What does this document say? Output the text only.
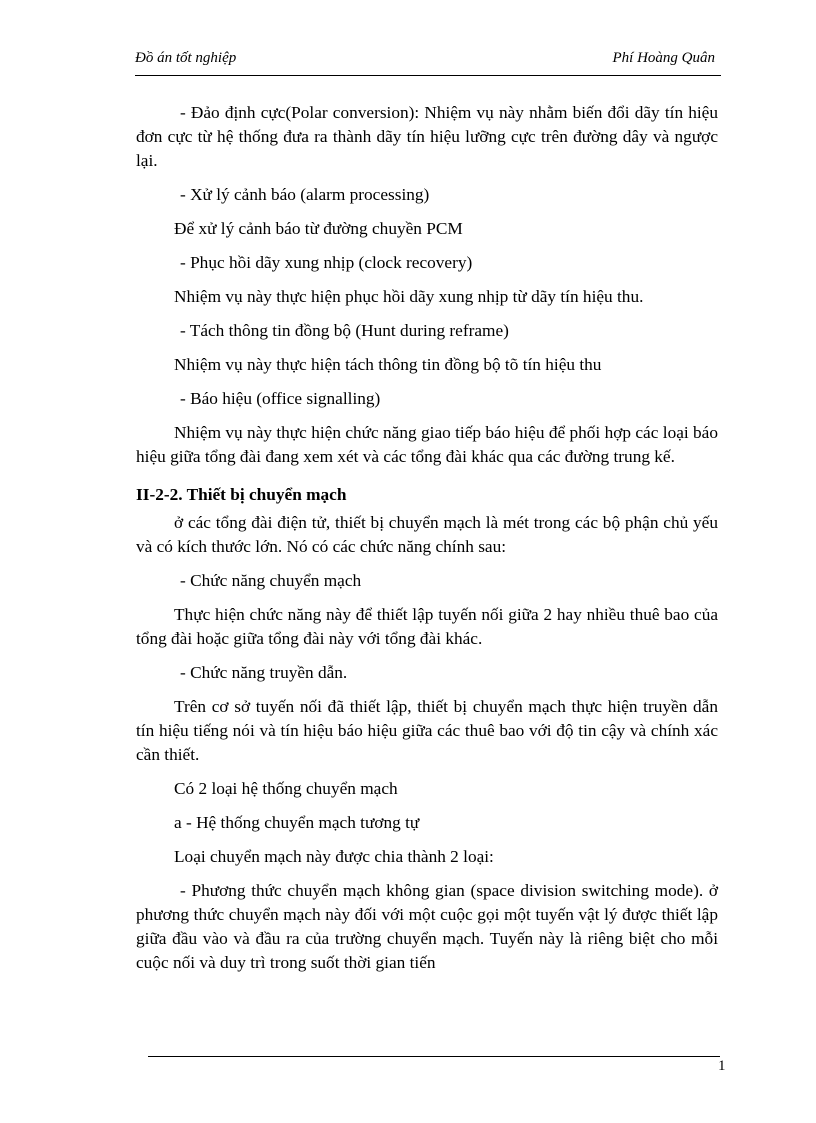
Đồ án tốt nghiệp	Phí Hoàng Quân

- Đảo định cực(Polar conversion): Nhiệm vụ này nhằm biến đổi dãy tín hiệu đơn cực từ hệ thống đưa ra thành dãy tín hiệu lưỡng cực trên đường dây và ngược lại.

- Xử lý cảnh báo (alarm processing)

Để xử lý cảnh báo từ đường chuyền PCM

- Phục hồi dãy xung nhịp (clock recovery)

Nhiệm vụ này thực hiện phục hồi dãy xung nhịp từ dãy tín hiệu thu.

- Tách thông tin đồng bộ (Hunt during reframe)

Nhiệm vụ này thực hiện tách thông tin đồng bộ tõ tín hiệu thu

- Báo hiệu (office signalling)

Nhiệm vụ này thực hiện chức năng giao tiếp báo hiệu để phối hợp các loại báo hiệu giữa tổng đài đang xem xét và các tổng đài khác qua các đường trung kế.

II-2-2. Thiết bị chuyển mạch

ở các tổng đài điện tử, thiết bị chuyển mạch là mét trong các bộ phận chủ yếu và có kích thước lớn. Nó có các chức năng chính sau:

- Chức năng chuyển mạch

Thực hiện chức năng này để thiết lập tuyến nối giữa 2 hay nhiều thuê bao của tổng đài hoặc giữa tổng đài này với tổng đài khác.

- Chức năng truyền dẫn.

Trên cơ sở tuyến nối đã thiết lập, thiết bị chuyển mạch thực hiện truyền dẫn tín hiệu tiếng nói và tín hiệu báo hiệu giữa các thuê bao với độ tin cậy và chính xác cần thiết.

Có 2 loại hệ thống chuyển mạch

a - Hệ thống chuyển mạch tương tự

Loại chuyển mạch này được chia thành 2 loại:

- Phương thức chuyển mạch không gian (space division switching mode). ở phương thức chuyển mạch này đối với một cuộc gọi một tuyến vật lý được thiết lập giữa đầu vào và đầu ra của trường chuyển mạch. Tuyến này là riêng biệt cho mỗi cuộc nối và duy trì trong suốt thời gian tiến

1
